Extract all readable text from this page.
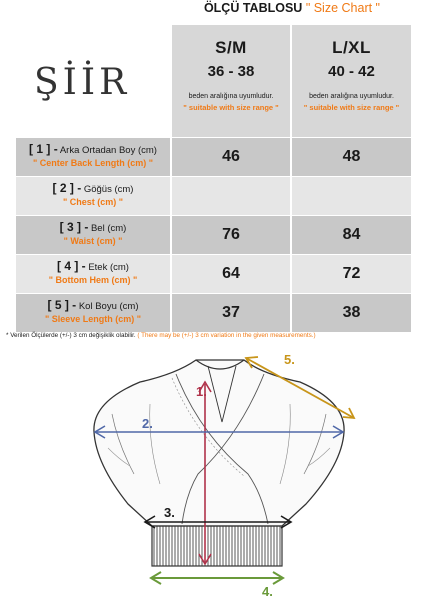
ÖLÇÜ TABLOSU " Size Chart "
ŞİİR
S/M
36 - 38
beden aralığına uyumludur.
" suitable with size range "
L/XL
40 - 42
beden aralığına uyumludur.
" suitable with size range "
[ 1 ] - Arka Ortadan Boy (cm)
" Center Back Length (cm) "	46	48
[ 2 ] - Göğüs (cm)
" Chest (cm) "
[ 3 ] - Bel (cm)
" Waist (cm) "	76	84
[ 4 ] - Etek (cm)
" Bottom Hem (cm) "	64	72
[ 5 ] - Kol Boyu (cm)
" Sleeve Length (cm) "	37	38
* Verilen Ölçülerde (+/-) 3 cm değişiklik olabilir. ( There may be (+/-) 3 cm variation in the given measurements.)
1.
2.
3.
4.
5.
